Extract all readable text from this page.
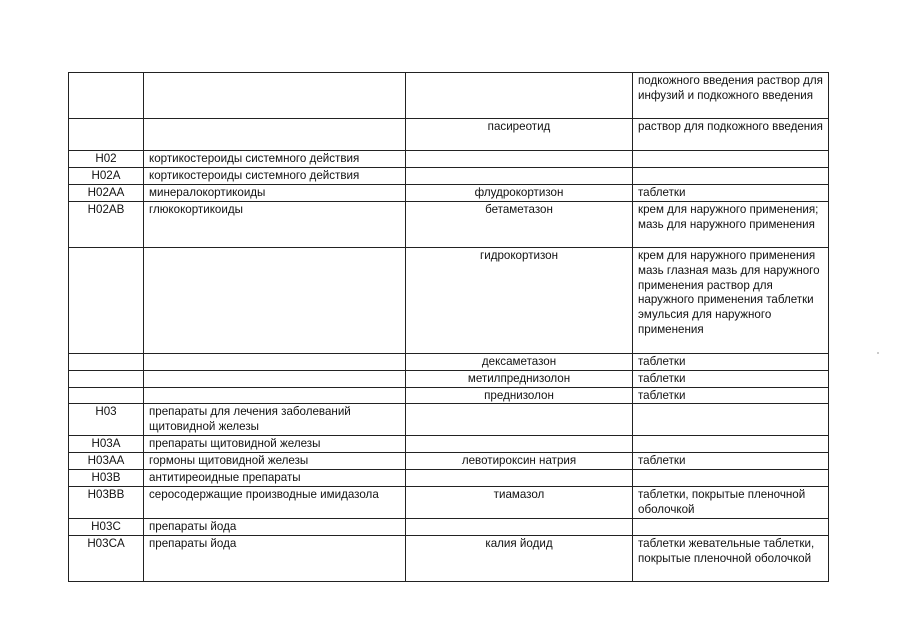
			подкожного введения раствор для инфузий и подкожного введения
		пасиреотид	раствор для подкожного введения
H02	кортикостероиды системного действия		
H02A	кортикостероиды системного действия		
H02AA	минералокортикоиды	флудрокортизон	таблетки
H02AB	глюкокортикоиды	бетаметазон	крем для наружного применения; мазь для наружного применения
		гидрокортизон	крем для наружного применения мазь глазная мазь для наружного применения раствор для наружного применения таблетки эмульсия для наружного применения
		дексаметазон	таблетки
		метилпреднизолон	таблетки
		преднизолон	таблетки
H03	препараты для лечения заболеваний щитовидной железы		
H03A	препараты щитовидной железы		
H03AA	гормоны щитовидной железы	левотироксин натрия	таблетки
H03B	антитиреоидные препараты		
H03BB	серосодержащие производные имидазола	тиамазол	таблетки, покрытые пленочной оболочкой
H03C	препараты йода		
H03CA	препараты йода	калия йодид	таблетки жевательные таблетки, покрытые пленочной оболочкой
